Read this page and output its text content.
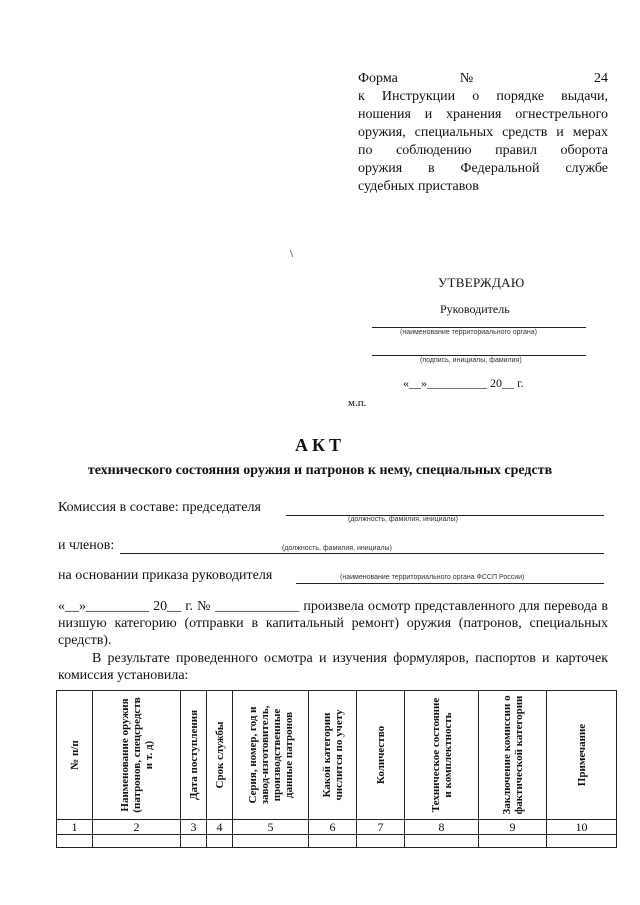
Форма № 24
к Инструкции о порядке выдачи,
ношения и хранения огнестрельного
оружия, специальных средств и мерах
по соблюдению правил оборота
оружия в Федеральной службе
судебных приставов
\
УТВЕРЖДАЮ
Руководитель
(наименование территориального органа)
(подпись, инициалы, фамилия)
«__»__________ 20__ г.
м.п.
АКТ
технического состояния оружия и патронов к нему, специальных средств
Комиссия в составе: председателя
(должность, фамилия, инициалы)
и членов:	(должность, фамилия, инициалы)
на основании приказа руководителя	(наименование территориального органа ФССП России)
«__»_________ 20__ г. № ____________ произвела осмотр представленного для перевода в низшую категорию (отправки в капитальный ремонт) оружия (патронов, специальных средств).
В результате проведенного осмотра и изучения формуляров, паспортов и карточек комиссия установила:
№ п/п	Наименование оружия (патронов, спецсредств и т. д)	Дата поступления	Срок службы	Серия, номер, год и завод-изготовитель, производственные данные патронов	Какой категории числится по учету	Количество	Техническое состояние и комплектность	Заключение комиссии о фактической категории	Примечание

1	2	3	4	5	6	7	8	9	10
